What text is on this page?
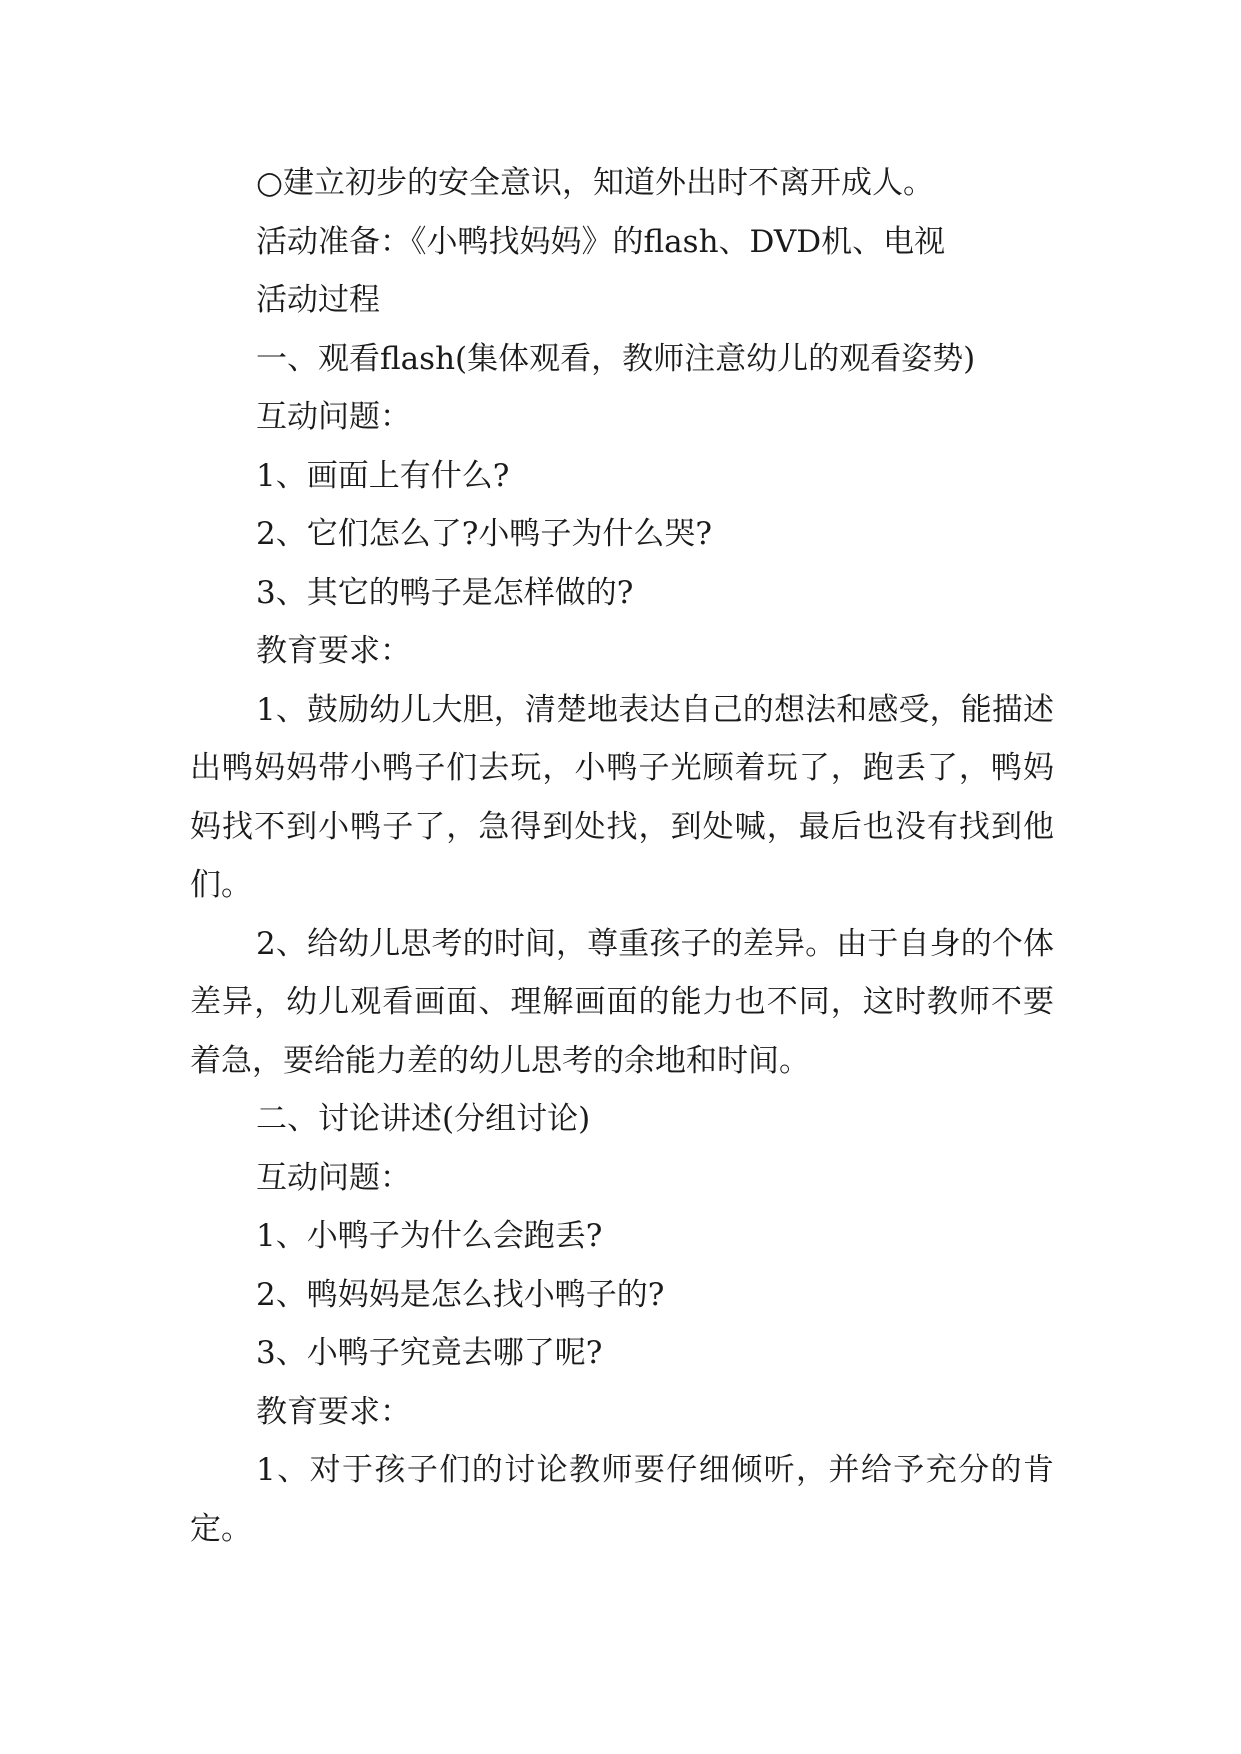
○建立初步的安全意识，知道外出时不离开成人。

活动准备：《小鸭找妈妈》的flash、DVD机、电视

活动过程

一、观看flash(集体观看，教师注意幼儿的观看姿势)

互动问题：

1、画面上有什么?

2、它们怎么了?小鸭子为什么哭?

3、其它的鸭子是怎样做的?

教育要求：

1、鼓励幼儿大胆，清楚地表达自己的想法和感受，能描述出鸭妈妈带小鸭子们去玩，小鸭子光顾着玩了，跑丢了，鸭妈妈找不到小鸭子了，急得到处找，到处喊，最后也没有找到他们。

2、给幼儿思考的时间，尊重孩子的差异。由于自身的个体差异，幼儿观看画面、理解画面的能力也不同，这时教师不要着急，要给能力差的幼儿思考的余地和时间。

二、讨论讲述(分组讨论)

互动问题：

1、小鸭子为什么会跑丢?

2、鸭妈妈是怎么找小鸭子的?

3、小鸭子究竟去哪了呢?

教育要求：

1、对于孩子们的讨论教师要仔细倾听，并给予充分的肯定。
